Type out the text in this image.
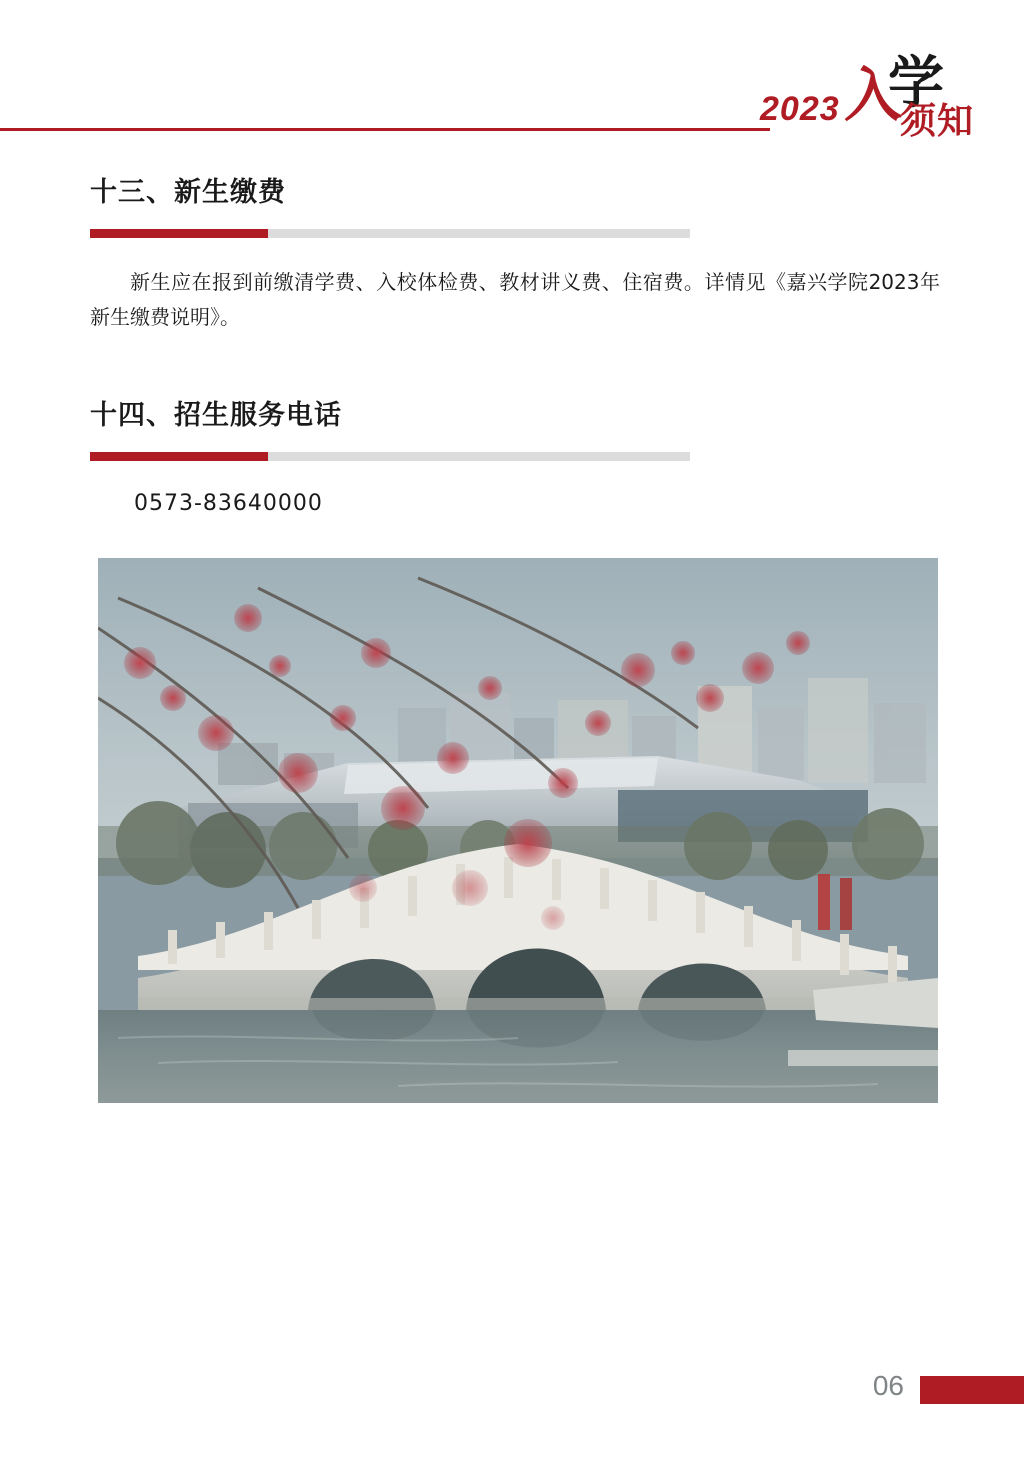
2023 入
学
须知
十三、新生缴费

新生应在报到前缴清学费、入校体检费、教材讲义费、住宿费。详情见《嘉兴学院2023年新生缴费说明》。

十四、招生服务电话

0573-83640000

06
